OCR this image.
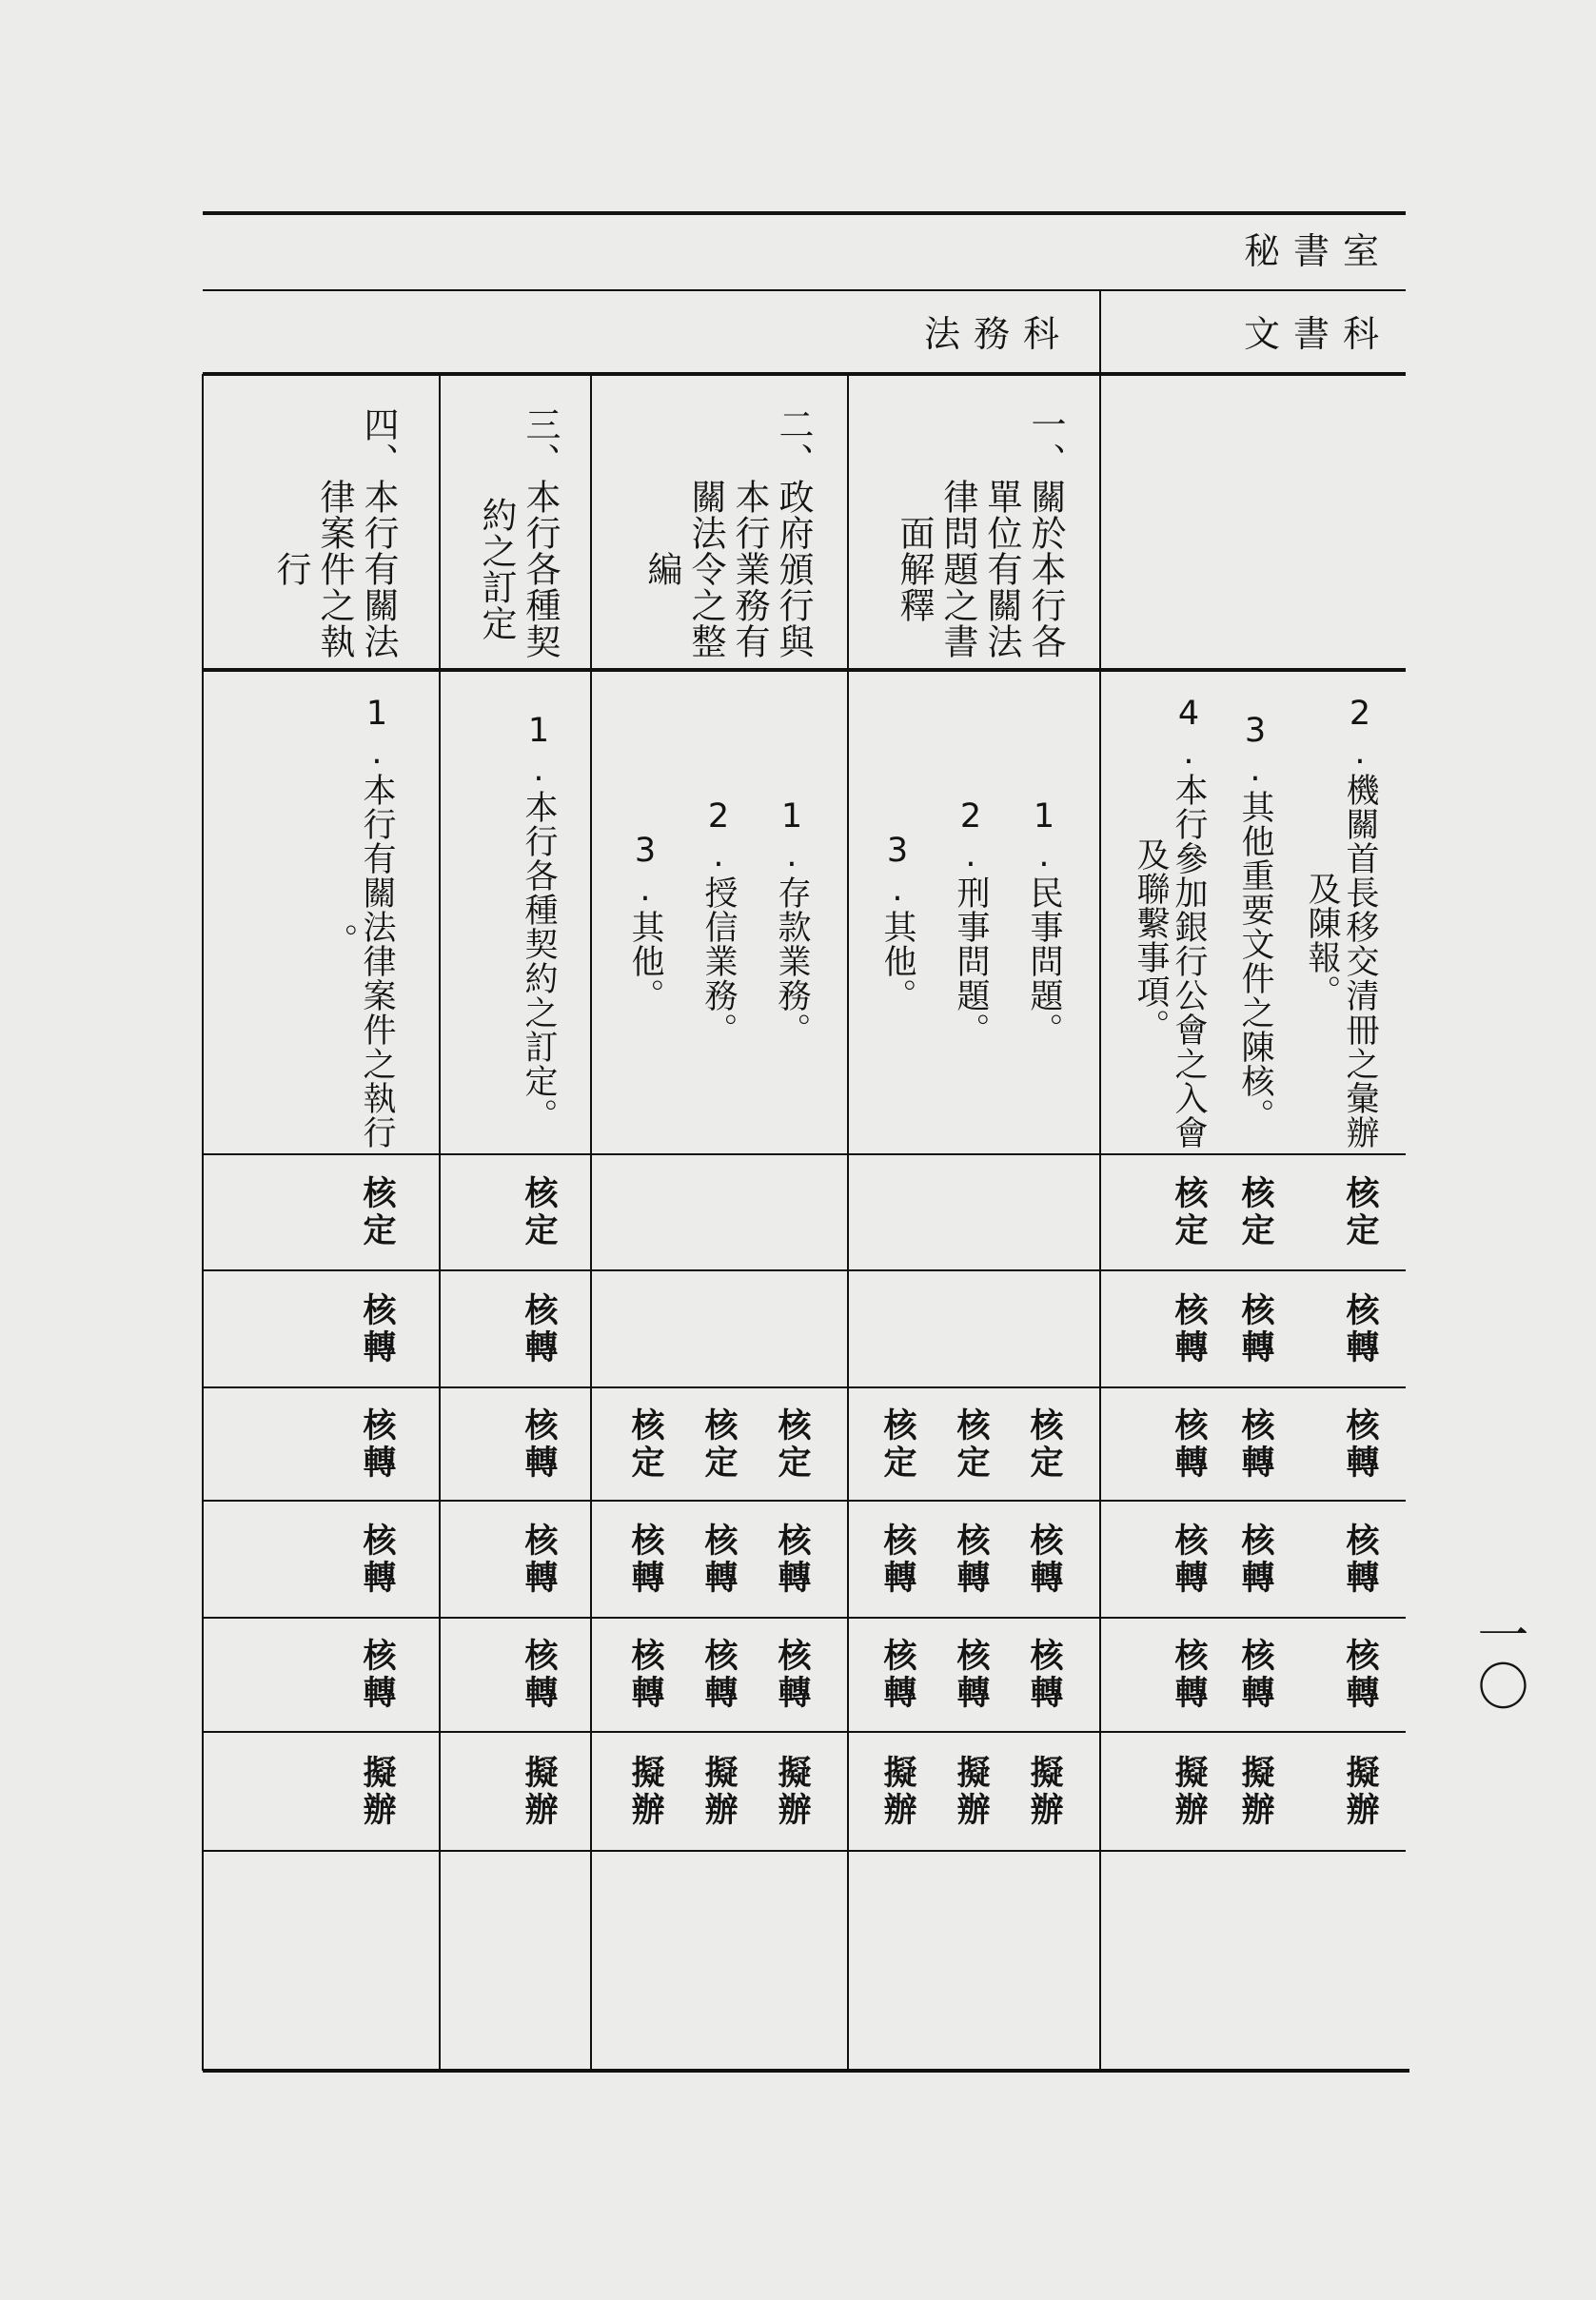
秘書室
法務科	文書科
2.機關首長移交清冊之彙辦
及陳報。
3.其他重要文件之陳核。
4.本行參加銀行公會之入會
及聯繫事項。
核定
核定
核定
核轉
核轉
核轉
核轉
核轉
核轉
核轉
核轉
核轉
核轉
核轉
核轉
擬辦
擬辦
擬辦
一、關於本行各
單位有關法
律問題之書
面解釋
1.民事問題。
2.刑事問題。
3.其他。
核定
核定
核定
核轉
核轉
核轉
核轉
核轉
核轉
擬辦
擬辦
擬辦
二、政府頒行與
本行業務有
關法令之整
編
1.存款業務。
2.授信業務。
3.其他。
核定
核定
核定
核轉
核轉
核轉
核轉
核轉
核轉
擬辦
擬辦
擬辦
三、本行各種契
約之訂定
1.本行各種契約之訂定。
核定
核轉
核轉
核轉
核轉
擬辦
四、本行有關法
律案件之執
行
1.本行有關法律案件之執行
。
核定
核轉
核轉
核轉
核轉
擬辦
一〇
